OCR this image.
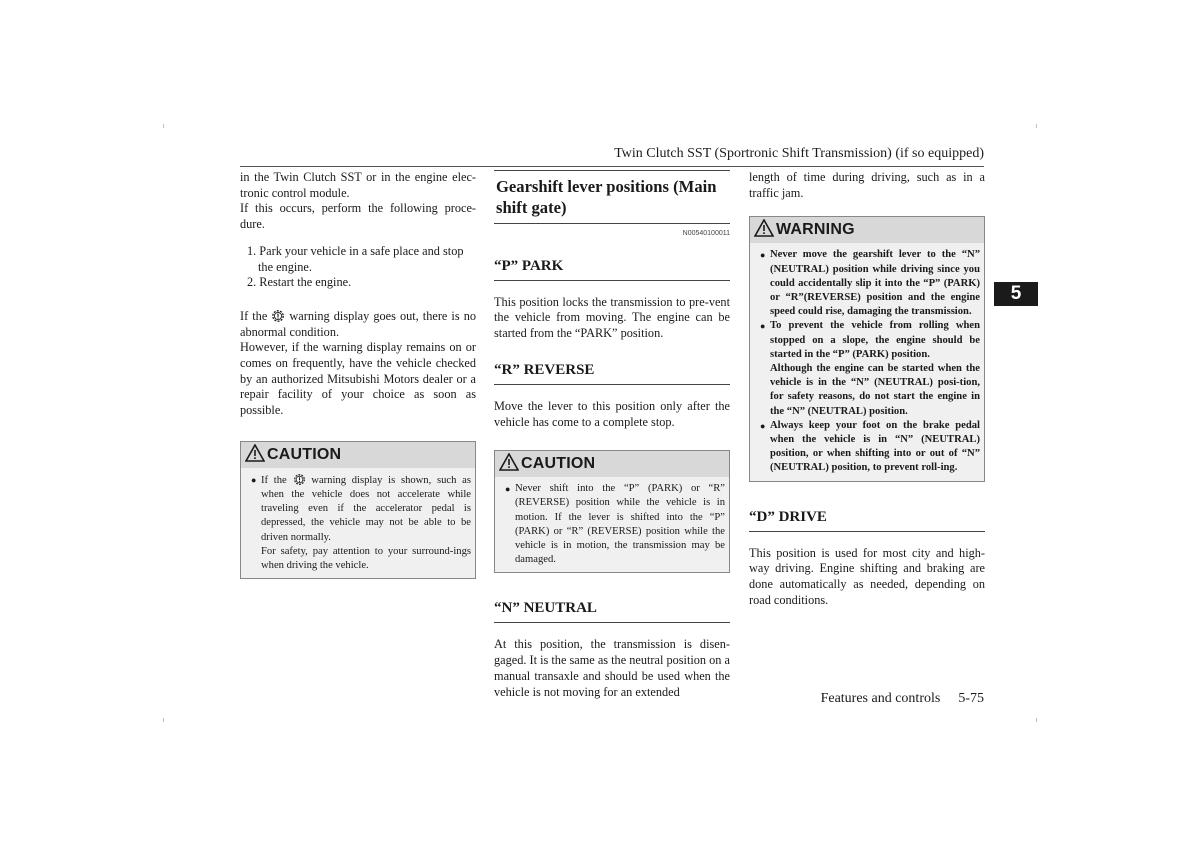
Twin Clutch SST (Sportronic Shift Transmission) (if so equipped)
5

in the Twin Clutch SST or in the engine elec-tronic control module.

If this occurs, perform the following proce-dure.

1. Park your vehicle in a safe place and stop the engine.
2. Restart the engine.

If the warning display goes out, there is no abnormal condition.

However, if the warning display remains on or comes on frequently, have the vehicle checked by an authorized Mitsubishi Motors dealer or a repair facility of your choice as soon as possible.

CAUTION
● If the warning display is shown, such as when the vehicle does not accelerate while traveling even if the accelerator pedal is depressed, the vehicle may not be able to be driven normally.
For safety, pay attention to your surround-ings when driving the vehicle.
Gearshift lever positions (Main shift gate)
N00540100011
“P” PARK

This position locks the transmission to pre-vent the vehicle from moving. The engine can be started from the “PARK” position.

“R” REVERSE

Move the lever to this position only after the vehicle has come to a complete stop.

CAUTION
● Never shift into the “P” (PARK) or “R” (REVERSE) position while the vehicle is in motion. If the lever is shifted into the “P” (PARK) or “R” (REVERSE) position while the vehicle is in motion, the transmission may be damaged.
“N” NEUTRAL

At this position, the transmission is disen-gaged. It is the same as the neutral position on a manual transaxle and should be used when the vehicle is not moving for an extended

length of time during driving, such as in a traffic jam.

WARNING
● Never move the gearshift lever to the “N” (NEUTRAL) position while driving since you could accidentally slip it into the “P” (PARK) or “R”(REVERSE) position and the engine speed could rise, damaging the transmission.
● To prevent the vehicle from rolling when stopped on a slope, the engine should be started in the “P” (PARK) position.
Although the engine can be started when the vehicle is in the “N” (NEUTRAL) posi-tion, for safety reasons, do not start the engine in the “N” (NEUTRAL) position.
● Always keep your foot on the brake pedal when the vehicle is in “N” (NEUTRAL) position, or when shifting into or out of “N” (NEUTRAL) position, to prevent roll-ing.
“D” DRIVE

This position is used for most city and high-way driving. Engine shifting and braking are done automatically as needed, depending on road conditions.

Features and controls 5-75
